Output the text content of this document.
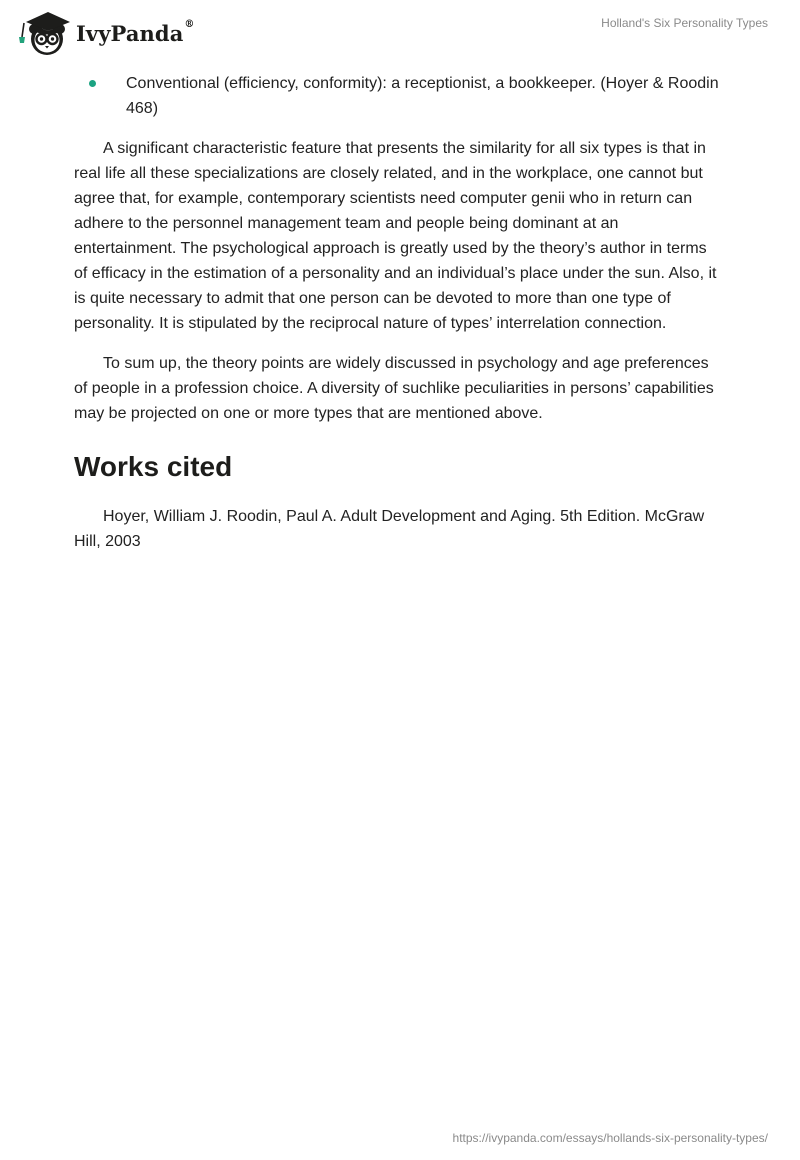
IvyPanda®	Holland's Six Personality Types
Conventional (efficiency, conformity): a receptionist, a bookkeeper. (Hoyer & Roodin 468)

A significant characteristic feature that presents the similarity for all six types is that in real life all these specializations are closely related, and in the workplace, one cannot but agree that, for example, contemporary scientists need computer genii who in return can adhere to the personnel management team and people being dominant at an entertainment. The psychological approach is greatly used by the theory’s author in terms of efficacy in the estimation of a personality and an individual’s place under the sun. Also, it is quite necessary to admit that one person can be devoted to more than one type of personality. It is stipulated by the reciprocal nature of types’ interrelation connection.

To sum up, the theory points are widely discussed in psychology and age preferences of people in a profession choice. A diversity of suchlike peculiarities in persons’ capabilities may be projected on one or more types that are mentioned above.

Works cited

Hoyer, William J. Roodin, Paul A. Adult Development and Aging. 5th Edition. McGraw Hill, 2003

https://ivypanda.com/essays/hollands-six-personality-types/
